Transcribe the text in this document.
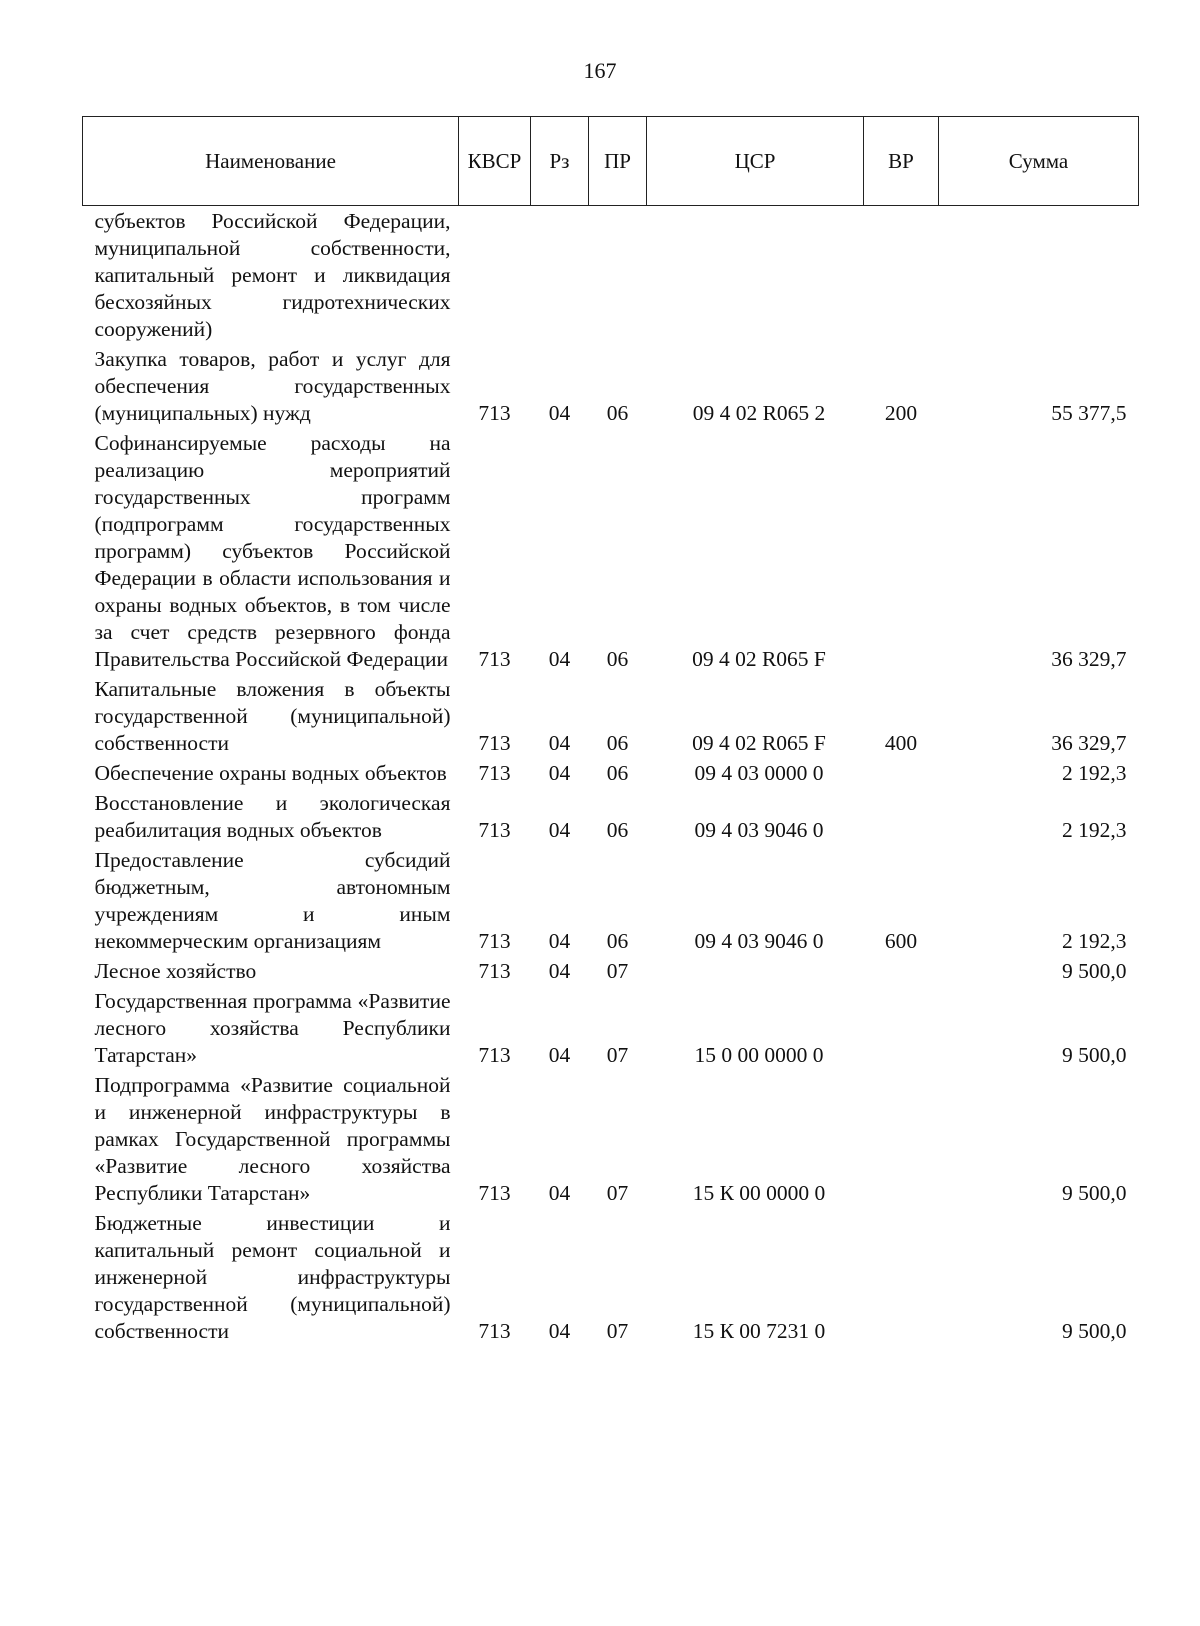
167
Наименование	КВСР	Рз	ПР	ЦСР	ВР	Сумма
субъектов Российской Федерации, муниципальной собственности, капитальный ремонт и ликвидация бесхозяйных гидротехнических сооружений)						
Закупка товаров, работ и услуг для обеспечения государственных (муниципальных) нужд	713	04	06	09 4 02 R065 2	200	55 377,5
Софинансируемые расходы на реализацию мероприятий государственных программ (подпрограмм государственных программ) субъектов Российской Федерации в области использования и охраны водных объектов, в том числе за счет средств резервного фонда Правительства Российской Федерации	713	04	06	09 4 02 R065 F		36 329,7
Капитальные вложения в объекты государственной (муниципальной) собственности	713	04	06	09 4 02 R065 F	400	36 329,7
Обеспечение охраны водных объектов	713	04	06	09 4 03 0000 0		2 192,3
Восстановление и экологическая реабилитация водных объектов	713	04	06	09 4 03 9046 0		2 192,3
Предоставление субсидий бюджетным, автономным учреждениям и иным некоммерческим организациям	713	04	06	09 4 03 9046 0	600	2 192,3
Лесное хозяйство	713	04	07			9 500,0
Государственная программа «Развитие лесного хозяйства Республики Татарстан»	713	04	07	15 0 00 0000 0		9 500,0
Подпрограмма «Развитие социальной и инженерной инфраструктуры в рамках Государственной программы «Развитие лесного хозяйства Республики Татарстан»	713	04	07	15 К 00 0000 0		9 500,0
Бюджетные инвестиции и капитальный ремонт социальной и инженерной инфраструктуры государственной (муниципальной) собственности	713	04	07	15 К 00 7231 0		9 500,0
